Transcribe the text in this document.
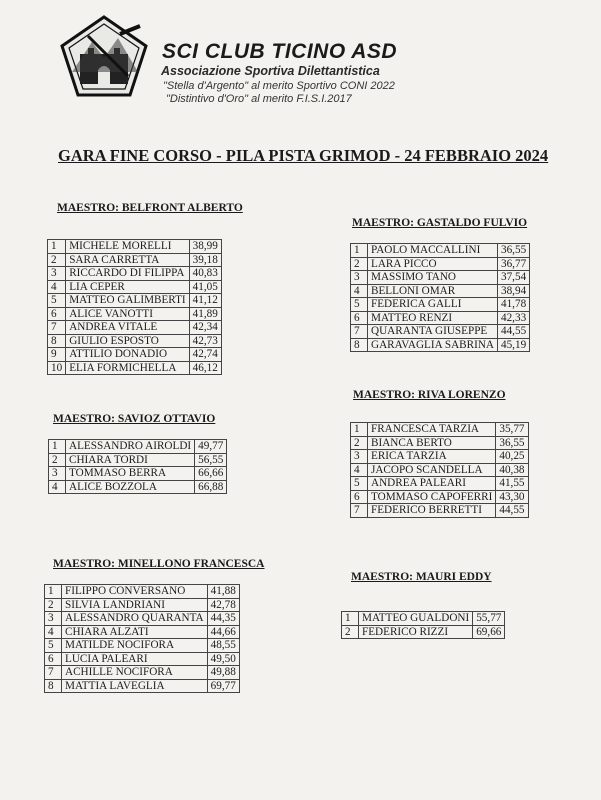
SCI CLUB TICINO ASD
Associazione Sportiva Dilettantistica
"Stella d'Argento" al merito Sportivo CONI 2022
"Distintivo d'Oro" al merito F.I.S.I.2017
GARA FINE CORSO - PILA PISTA GRIMOD - 24 FEBBRAIO 2024
MAESTRO: BELFRONT ALBERTO
1	MICHELE MORELLI	38,99
2	SARA CARRETTA	39,18
3	RICCARDO DI FILIPPA	40,83
4	LIA CEPER	41,05
5	MATTEO GALIMBERTI	41,12
6	ALICE VANOTTI	41,89
7	ANDREA VITALE	42,34
8	GIULIO ESPOSTO	42,73
9	ATTILIO DONADIO	42,74
10	ELIA FORMICHELLA	46,12
MAESTRO: GASTALDO FULVIO
1	PAOLO MACCALLINI	36,55
2	LARA PICCO	36,77
3	MASSIMO TANO	37,54
4	BELLONI OMAR	38,94
5	FEDERICA GALLI	41,78
6	MATTEO RENZI	42,33
7	QUARANTA GIUSEPPE	44,55
8	GARAVAGLIA SABRINA	45,19
MAESTRO: SAVIOZ OTTAVIO
1	ALESSANDRO AIROLDI	49,77
2	CHIARA TORDI	56,55
3	TOMMASO BERRA	66,66
4	ALICE BOZZOLA	66,88
MAESTRO: RIVA LORENZO
1	FRANCESCA TARZIA	35,77
2	BIANCA BERTO	36,55
3	ERICA TARZIA	40,25
4	JACOPO SCANDELLA	40,38
5	ANDREA PALEARI	41,55
6	TOMMASO CAPOFERRI	43,30
7	FEDERICO BERRETTI	44,55
MAESTRO: MINELLONO FRANCESCA
1	FILIPPO CONVERSANO	41,88
2	SILVIA LANDRIANI	42,78
3	ALESSANDRO QUARANTA	44,35
4	CHIARA ALZATI	44,66
5	MATILDE NOCIFORA	48,55
6	LUCIA PALEARI	49,50
7	ACHILLE NOCIFORA	49,88
8	MATTIA LAVEGLIA	69,77
MAESTRO: MAURI EDDY
1	MATTEO GUALDONI	55,77
2	FEDERICO RIZZI	69,66
